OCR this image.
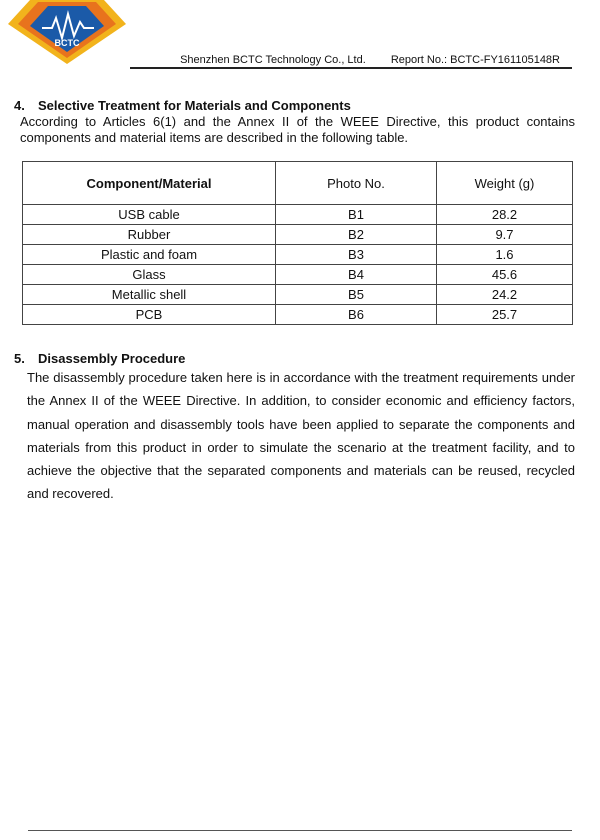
BCTC
Shenzhen BCTC Technology Co., Ltd. Report No.: BCTC-FY161105148R
4. Selective Treatment for Materials and Components
According to Articles 6(1) and the Annex II of the WEEE Directive, this product contains components and material items are described in the following table.
Component/Material	Photo No.	Weight (g)
USB cable	B1	28.2
Rubber	B2	9.7
Plastic and foam	B3	1.6
Glass	B4	45.6
Metallic shell	B5	24.2
PCB	B6	25.7
5. Disassembly Procedure

The disassembly procedure taken here is in accordance with the treatment requirements under the Annex II of the WEEE Directive. In addition, to consider economic and efficiency factors, manual operation and disassembly tools have been applied to separate the components and materials from this product in order to simulate the scenario at the treatment facility, and to achieve the objective that the separated components and materials can be reused, recycled and recovered.
